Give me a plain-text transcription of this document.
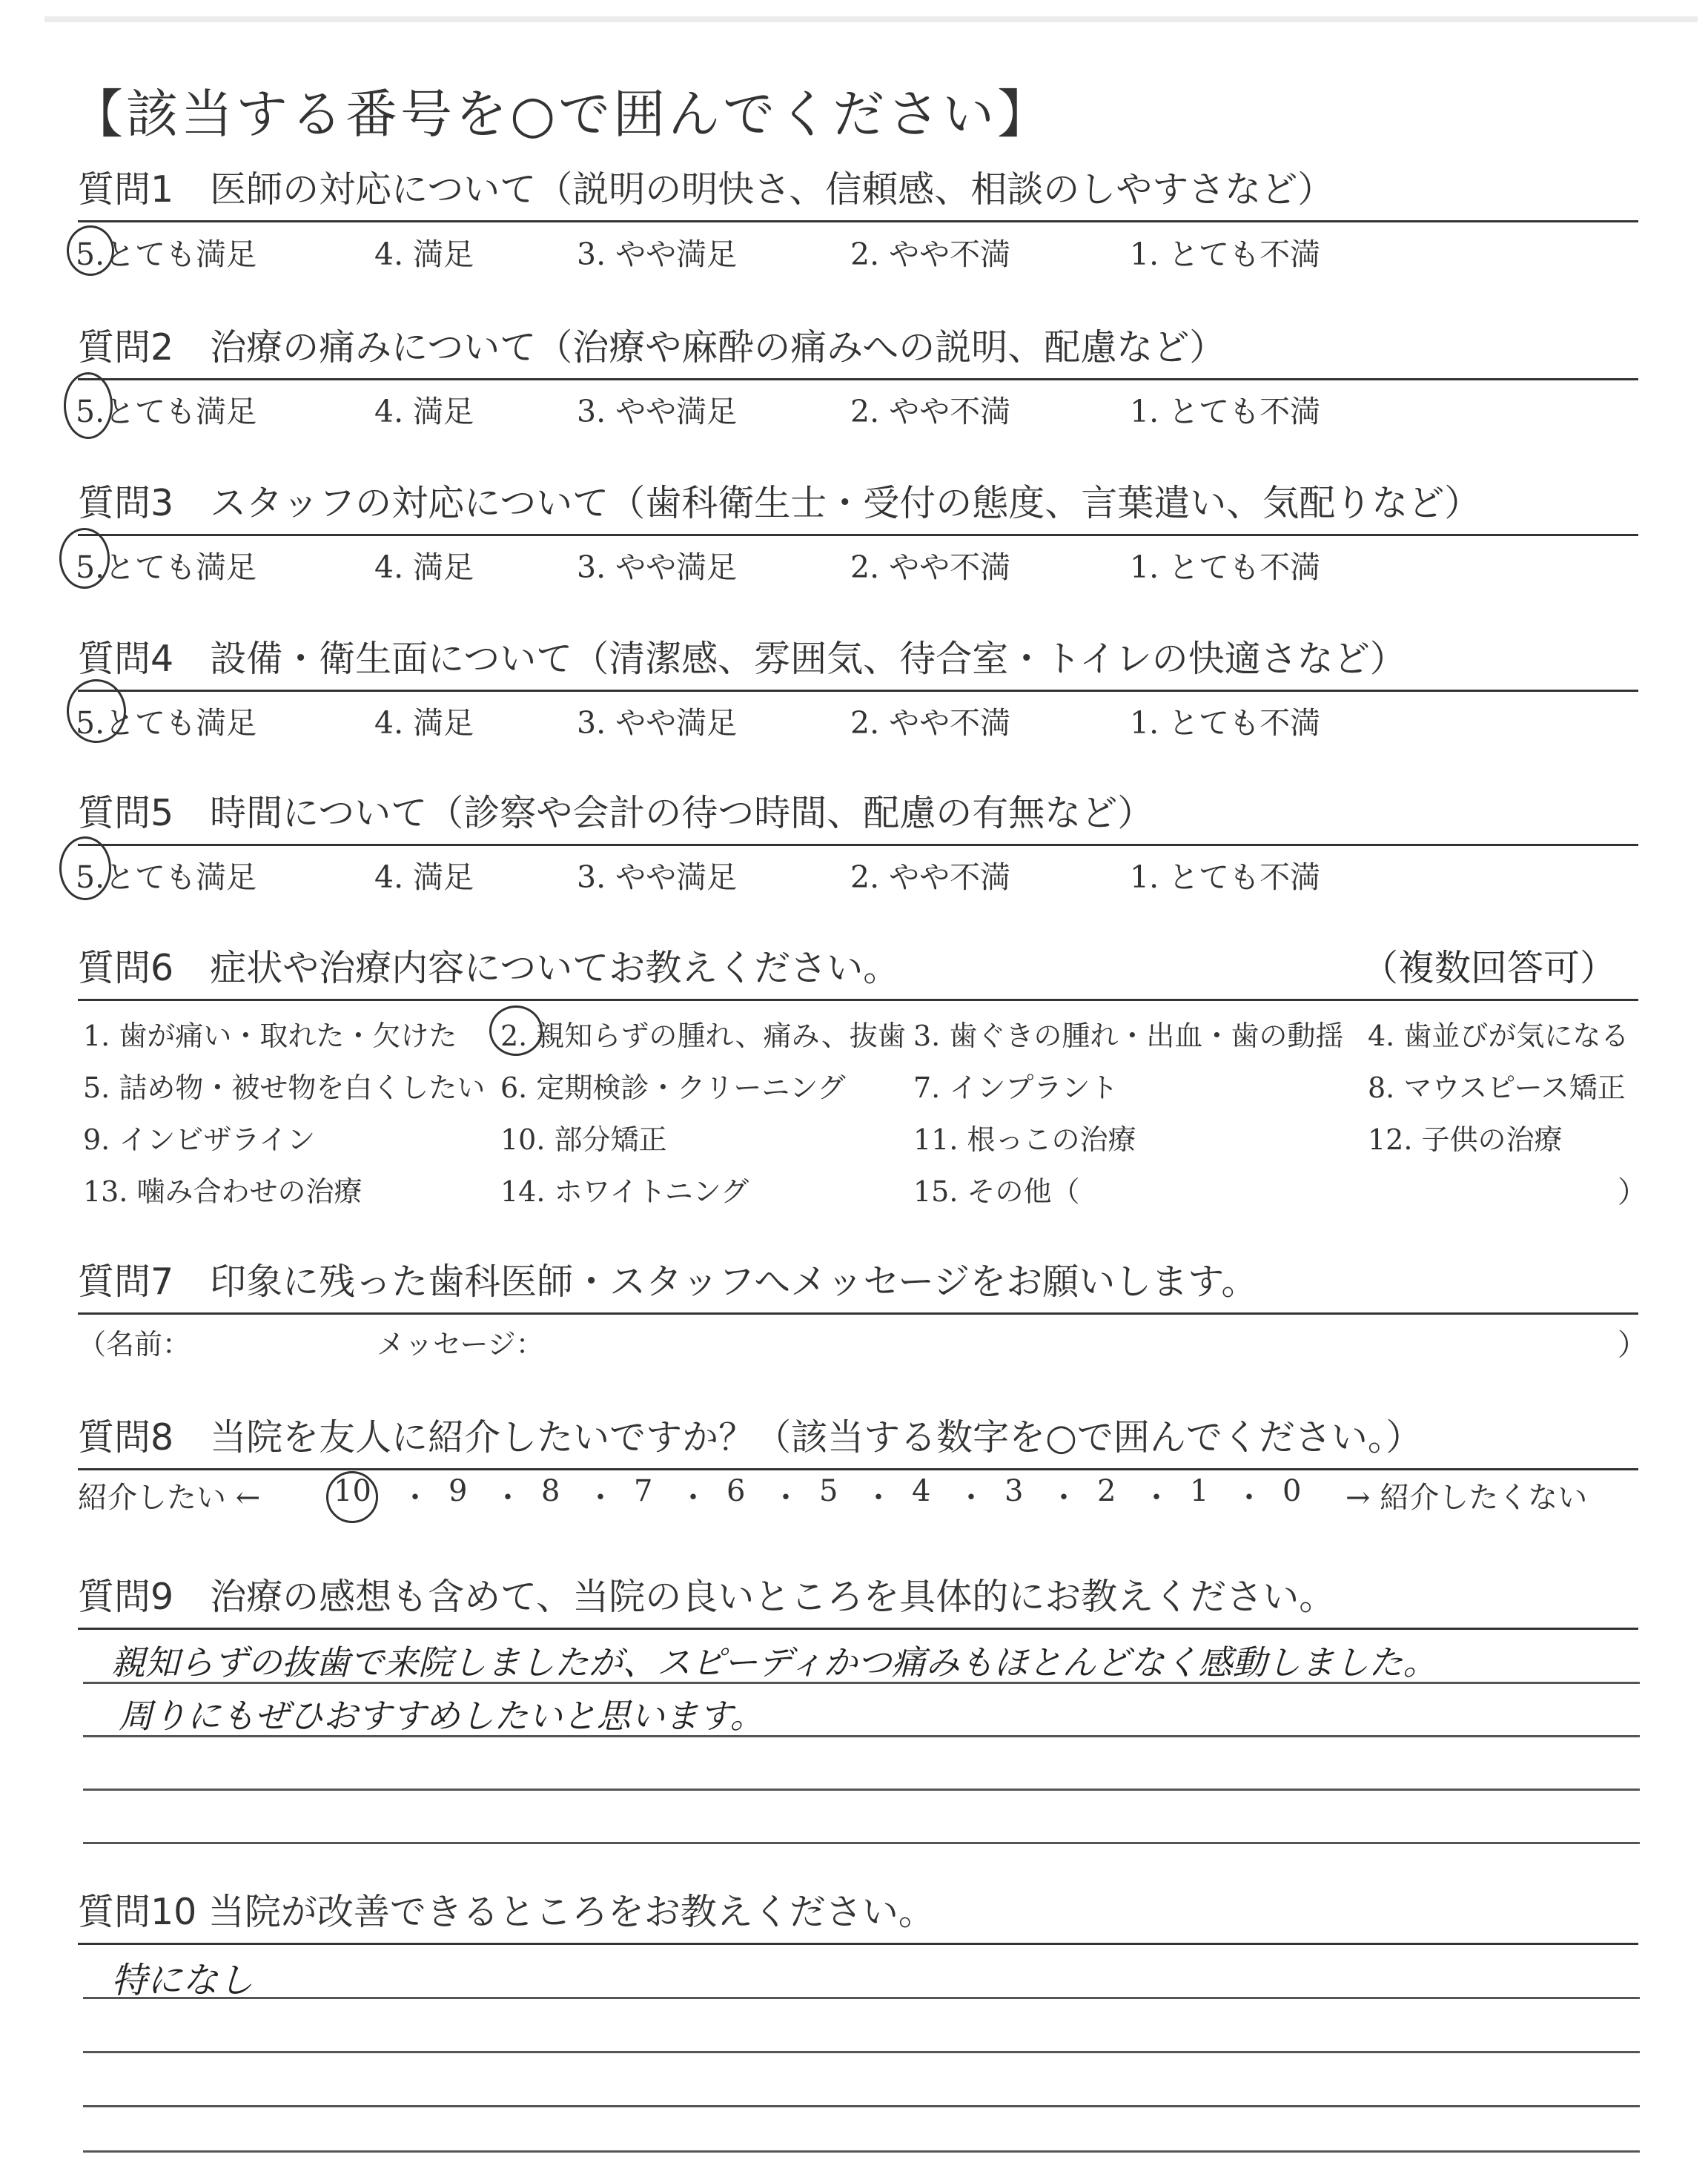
【該当する番号を○で囲んでください】
質問1　医師の対応について（説明の明快さ、信頼感、相談のしやすさなど）
5.とても満足	4. 満足	3. やや満足	2. やや不満	1. とても不満
質問2　治療の痛みについて（治療や麻酔の痛みへの説明、配慮など）
5.とても満足	4. 満足	3. やや満足	2. やや不満	1. とても不満
質問3　スタッフの対応について（歯科衛生士・受付の態度、言葉遣い、気配りなど）
5.とても満足	4. 満足	3. やや満足	2. やや不満	1. とても不満
質問4　設備・衛生面について（清潔感、雰囲気、待合室・トイレの快適さなど）
5.とても満足	4. 満足	3. やや満足	2. やや不満	1. とても不満
質問5　時間について（診察や会計の待つ時間、配慮の有無など）
5.とても満足	4. 満足	3. やや満足	2. やや不満	1. とても不満
質問6　症状や治療内容についてお教えください。	（複数回答可）
1. 歯が痛い・取れた・欠けた 2. 親知らずの腫れ、痛み、抜歯 3. 歯ぐきの腫れ・出血・歯の動揺 4. 歯並びが気になる
5. 詰め物・被せ物を白くしたい 6. 定期検診・クリーニング 7. インプラント	8. マウスピース矯正
9. インビザライン	10. 部分矯正	11. 根っこの治療	12. 子供の治療
13. 噛み合わせの治療	14. ホワイトニング	15. その他（	）
質問7　印象に残った歯科医師・スタッフへメッセージをお願いします。
（名前：	メッセージ：	）
質問8　当院を友人に紹介したいですか？（該当する数字を○で囲んでください。）
紹介したい ← 10 ・ 9 ・ 8 ・ 7 ・ 6 ・ 5 ・ 4 ・ 3 ・ 2 ・ 1 ・ 0 → 紹介したくない
質問9　治療の感想も含めて、当院の良いところを具体的にお教えください。
親知らずの抜歯で来院しましたが、スピーディかつ痛みもほとんどなく感動しました。
周りにもぜひおすすめしたいと思います。
質問10 当院が改善できるところをお教えください。
特になし
